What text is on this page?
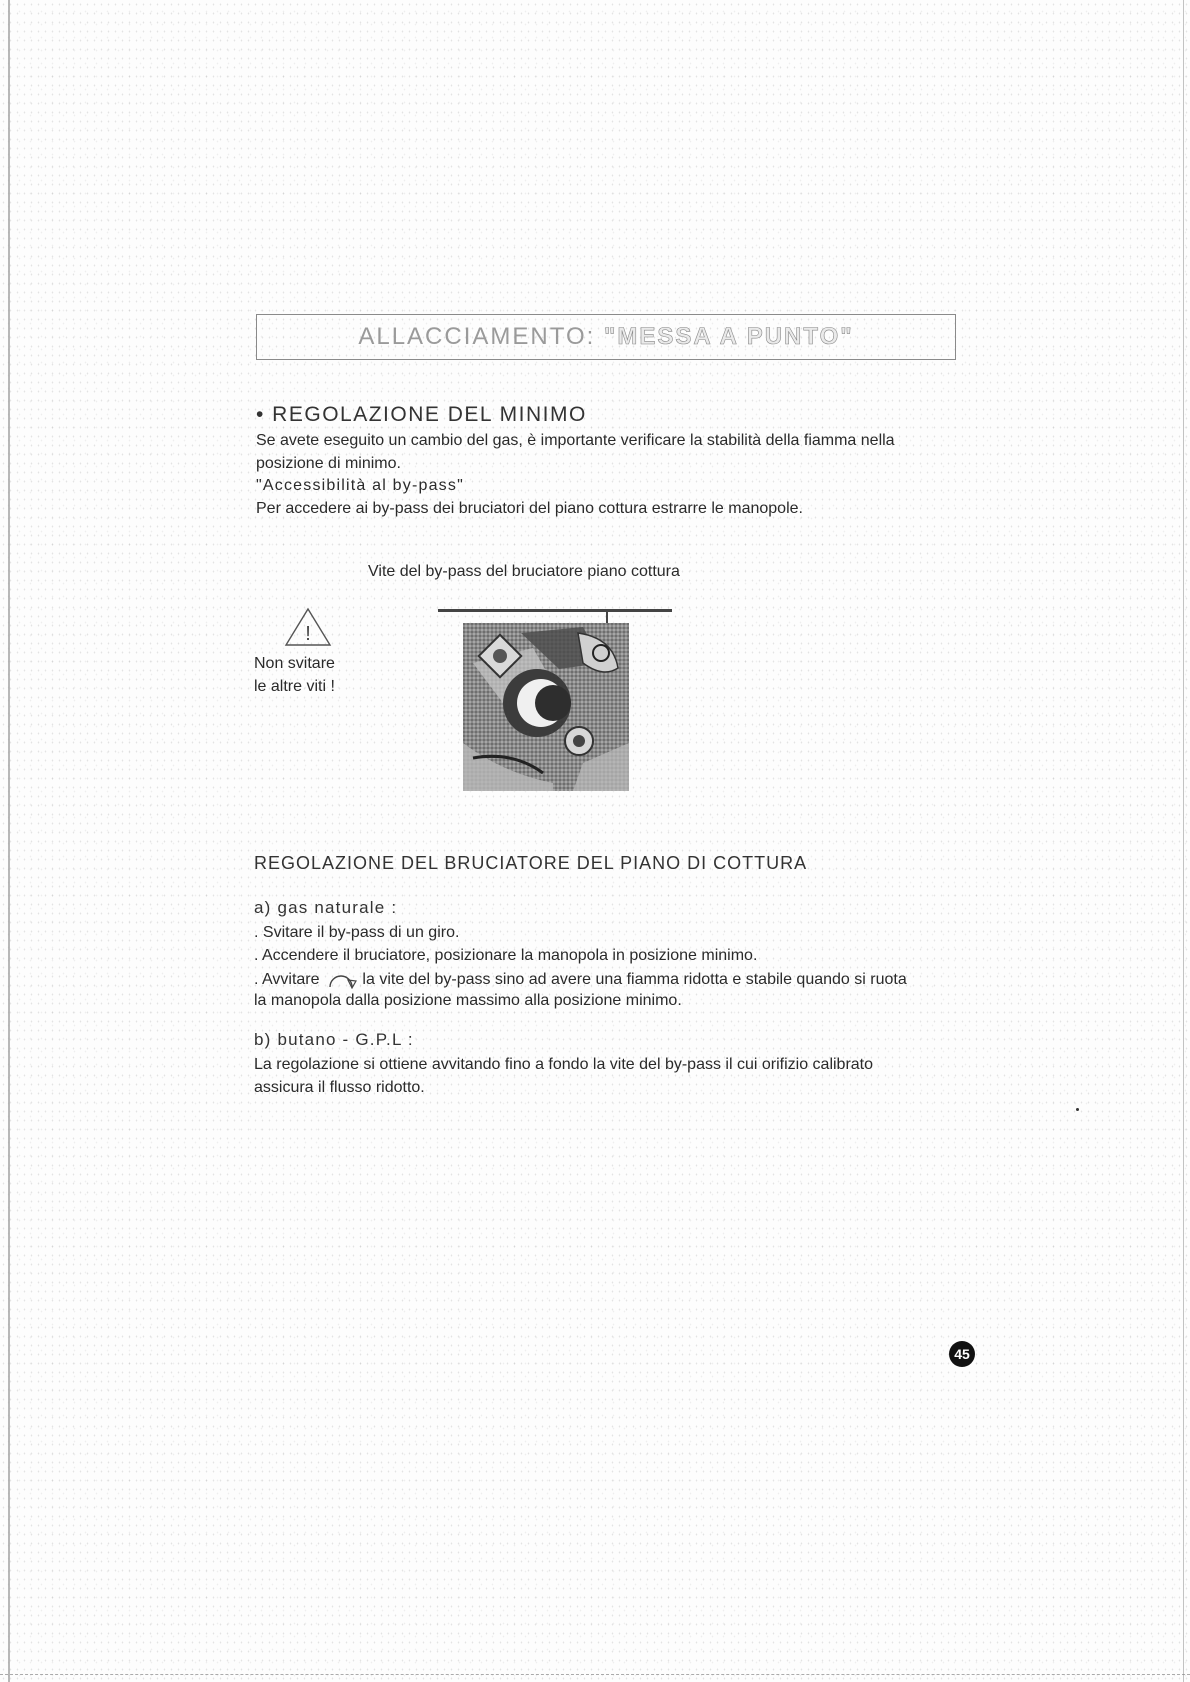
ALLACCIAMENTO: "MESSA A PUNTO"
• REGOLAZIONE DEL MINIMO
Se avete eseguito un cambio del gas, è importante verificare la stabilità della fiamma nella
posizione di minimo.
"Accessibilità al by-pass"
Per accedere ai by-pass dei bruciatori del piano cottura estrarre le manopole.
Vite del by-pass del bruciatore piano cottura
!
Non svitare
le altre viti !
REGOLAZIONE DEL BRUCIATORE DEL PIANO DI COTTURA
a) gas naturale :
. Svitare il by-pass di un giro.
. Accendere il bruciatore, posizionare la manopola in posizione minimo.
. Avvitare	la vite del by-pass sino ad avere una fiamma ridotta e stabile quando si ruota
la manopola dalla posizione massimo alla posizione minimo.
b) butano - G.P.L :
La regolazione si ottiene avvitando fino a fondo la vite del by-pass il cui orifizio calibrato
assicura il flusso ridotto.
45
